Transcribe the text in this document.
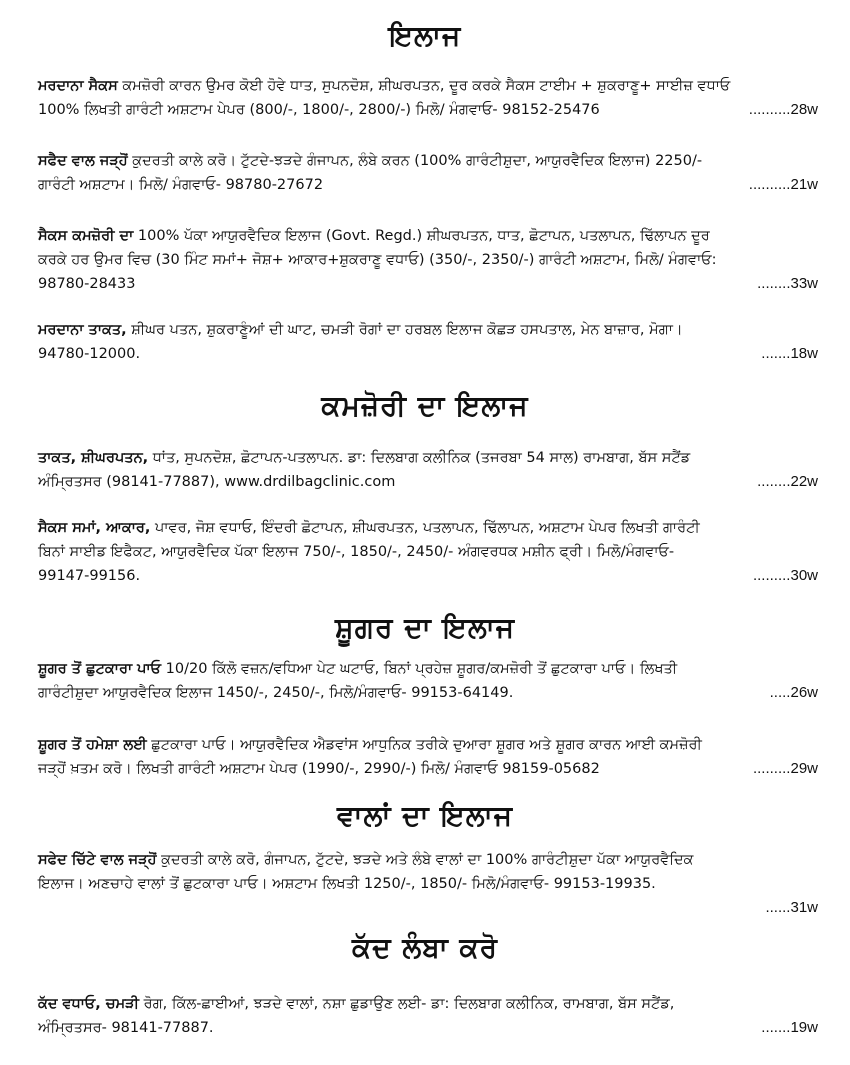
ਇਲਾਜ
ਮਰਦਾਨਾ ਸੈਕਸ ਕਮਜ਼ੋਰੀ ਕਾਰਨ ਉਮਰ ਕੋਈ ਹੋਵੇ ਧਾਤ, ਸੁਪਨਦੋਸ਼, ਸ਼ੀਘਰਪਤਨ, ਦੂਰ ਕਰਕੇ ਸੈਕਸ ਟਾਈਮ + ਸ਼ੁਕਰਾਣੂ+ ਸਾਈਜ਼ ਵਧਾਓ
100% ਲਿਖਤੀ ਗਾਰੰਟੀ ਅਸ਼ਟਾਮ ਪੇਪਰ (800/-, 1800/-, 2800/-) ਮਿਲੋ/ ਮੰਗਵਾਓ- 98152-25476	..........28w
ਸਫੈਦ ਵਾਲ ਜੜ੍ਹੋਂ ਕੁਦਰਤੀ ਕਾਲੇ ਕਰੋ। ਟੁੱਟਦੇ-ਝੜਦੇ ਗੰਜਾਪਨ, ਲੰਬੇ ਕਰਨ (100% ਗਾਰੰਟੀਸ਼ੁਦਾ, ਆਯੁਰਵੈਦਿਕ ਇਲਾਜ) 2250/-
ਗਾਰੰਟੀ ਅਸ਼ਟਾਮ। ਮਿਲੋ/ ਮੰਗਵਾਓ- 98780-27672	..........21w
ਸੈਕਸ ਕਮਜ਼ੋਰੀ ਦਾ 100% ਪੱਕਾ ਆਯੁਰਵੈਦਿਕ ਇਲਾਜ (Govt. Regd.) ਸ਼ੀਘਰਪਤਨ, ਧਾਤ, ਛੋਟਾਪਨ, ਪਤਲਾਪਨ, ਢਿੱਲਾਪਨ ਦੂਰ
ਕਰਕੇ ਹਰ ਉਮਰ ਵਿਚ (30 ਮਿੰਟ ਸਮਾਂ+ ਜੋਸ਼+ ਆਕਾਰ+ਸ਼ੁਕਰਾਣੂ ਵਧਾਓ) (350/-, 2350/-) ਗਾਰੰਟੀ ਅਸ਼ਟਾਮ, ਮਿਲੋ/ ਮੰਗਵਾਓ:
98780-28433	........33w
ਮਰਦਾਨਾ ਤਾਕਤ, ਸ਼ੀਘਰ ਪਤਨ, ਸ਼ੁਕਰਾਣੂੰਆਂ ਦੀ ਘਾਟ, ਚਮੜੀ ਰੋਗਾਂ ਦਾ ਹਰਬਲ ਇਲਾਜ ਕੋਛੜ ਹਸਪਤਾਲ, ਮੇਨ ਬਾਜ਼ਾਰ, ਮੋਗਾ।
94780-12000.	.......18w
ਕਮਜ਼ੋਰੀ ਦਾ ਇਲਾਜ
ਤਾਕਤ, ਸ਼ੀਘਰਪਤਨ, ਧਾਂਤ, ਸੁਪਨਦੋਸ਼, ਛੋਟਾਪਨ-ਪਤਲਾਪਨ. ਡਾ: ਦਿਲਬਾਗ ਕਲੀਨਿਕ (ਤਜਰਬਾ 54 ਸਾਲ) ਰਾਮਬਾਗ, ਬੱਸ ਸਟੈਂਡ
ਅੰਮ੍ਰਿਤਸਰ (98141-77887), www.drdilbagclinic.com	........22w
ਸੈਕਸ ਸਮਾਂ, ਆਕਾਰ, ਪਾਵਰ, ਜੋਸ਼ ਵਧਾਓ, ਇੰਦਰੀ ਛੋਟਾਪਨ, ਸ਼ੀਘਰਪਤਨ, ਪਤਲਾਪਨ, ਢਿੱਲਾਪਨ, ਅਸ਼ਟਾਮ ਪੇਪਰ ਲਿਖਤੀ ਗਾਰੰਟੀ
ਬਿਨਾਂ ਸਾਈਡ ਇਫੈਕਟ, ਆਯੁਰਵੈਦਿਕ ਪੱਕਾ ਇਲਾਜ 750/-, 1850/-, 2450/- ਅੰਗਵਰਧਕ ਮਸ਼ੀਨ ਫ੍ਰੀ। ਮਿਲੋ/ਮੰਗਵਾਓ-
99147-99156.	.........30w
ਸ਼ੂਗਰ ਦਾ ਇਲਾਜ
ਸ਼ੂਗਰ ਤੋਂ ਛੁਟਕਾਰਾ ਪਾਓ 10/20 ਕਿੱਲੋ ਵਜ਼ਨ/ਵਧਿਆ ਪੇਟ ਘਟਾਓ, ਬਿਨਾਂ ਪ੍ਰਹੇਜ਼ ਸ਼ੂਗਰ/ਕਮਜ਼ੋਰੀ ਤੋਂ ਛੁਟਕਾਰਾ ਪਾਓ। ਲਿਖਤੀ
ਗਾਰੰਟੀਸ਼ੁਦਾ ਆਯੁਰਵੈਦਿਕ ਇਲਾਜ 1450/-, 2450/-, ਮਿਲੋ/ਮੰਗਵਾਓ- 99153-64149.	.....26w
ਸ਼ੂਗਰ ਤੋਂ ਹਮੇਸ਼ਾ ਲਈ ਛੁਟਕਾਰਾ ਪਾਓ। ਆਯੁਰਵੈਦਿਕ ਐਡਵਾਂਸ ਆਧੁਨਿਕ ਤਰੀਕੇ ਦੁਆਰਾ ਸ਼ੂਗਰ ਅਤੇ ਸ਼ੂਗਰ ਕਾਰਨ ਆਈ ਕਮਜ਼ੋਰੀ
ਜੜ੍ਹੋਂ ਖ਼ਤਮ ਕਰੋ। ਲਿਖਤੀ ਗਾਰੰਟੀ ਅਸ਼ਟਾਮ ਪੇਪਰ (1990/-, 2990/-) ਮਿਲੋ/ ਮੰਗਵਾਓ 98159-05682	.........29w
ਵਾਲਾਂ ਦਾ ਇਲਾਜ
ਸਫੇਦ ਚਿੱਟੇ ਵਾਲ ਜੜ੍ਹੋਂ ਕੁਦਰਤੀ ਕਾਲੇ ਕਰੋ, ਗੰਜਾਪਨ, ਟੁੱਟਦੇ, ਝੜਦੇ ਅਤੇ ਲੰਬੇ ਵਾਲਾਂ ਦਾ 100% ਗਾਰੰਟੀਸ਼ੁਦਾ ਪੱਕਾ ਆਯੁਰਵੈਦਿਕ
ਇਲਾਜ। ਅਣਚਾਹੇ ਵਾਲਾਂ ਤੋਂ ਛੁਟਕਾਰਾ ਪਾਓ। ਅਸ਼ਟਾਮ ਲਿਖਤੀ 1250/-, 1850/- ਮਿਲੋ/ਮੰਗਵਾਓ- 99153-19935.
......31w
ਕੱਦ ਲੰਬਾ ਕਰੋ
ਕੱਦ ਵਧਾਓ, ਚਮੜੀ ਰੋਗ, ਕਿੱਲ-ਛਾਈਆਂ, ਝੜਦੇ ਵਾਲਾਂ, ਨਸ਼ਾ ਛੁਡਾਉਣ ਲਈ- ਡਾ: ਦਿਲਬਾਗ ਕਲੀਨਿਕ, ਰਾਮਬਾਗ, ਬੱਸ ਸਟੈਂਡ,
ਅੰਮ੍ਰਿਤਸਰ- 98141-77887.	.......19w
